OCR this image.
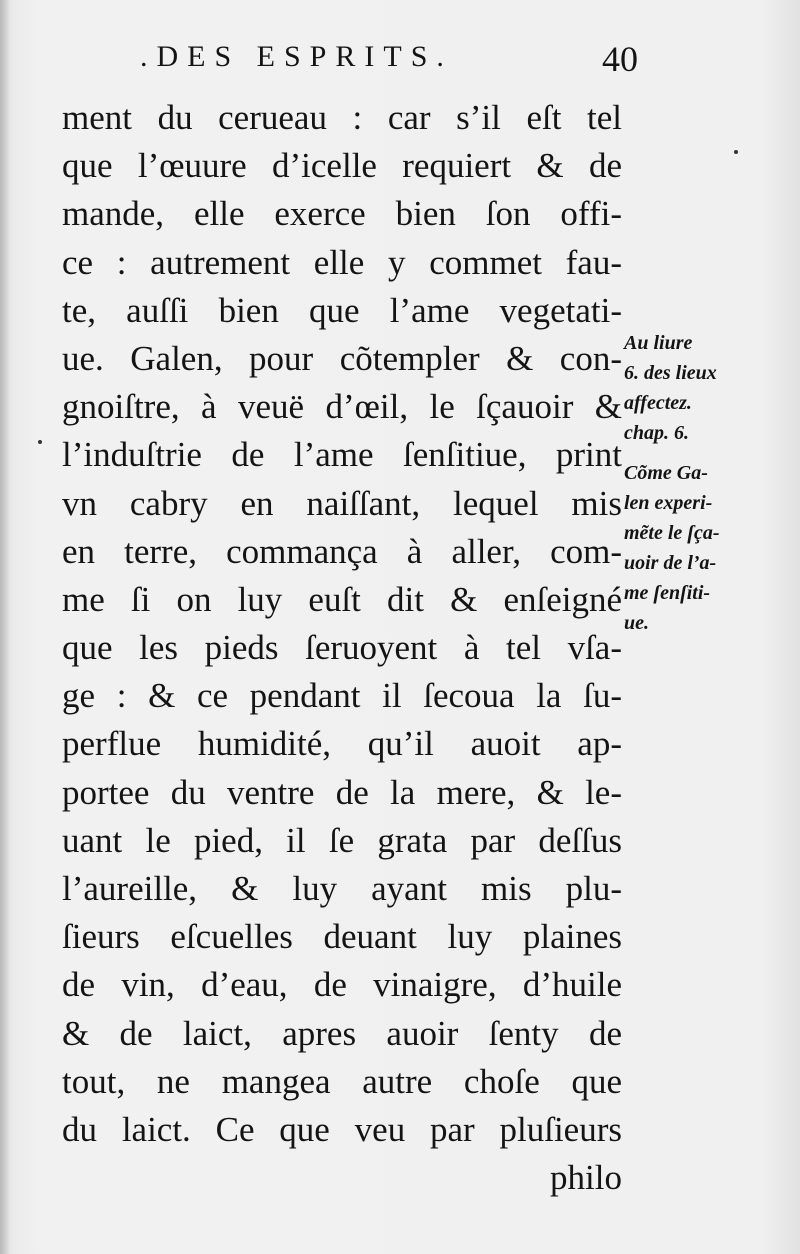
.DES ESPRITS.	40
ment du cerueau : car s’il eſt tel
que l’œuure d’icelle requiert & de
mande, elle exerce bien ſon offi-
ce : autrement elle y commet fau-
te, auſſi bien que l’ame vegetati-
ue. Galen, pour cõtempler & con-
gnoiſtre, à veuë d’œil, le ſçauoir &
l’induſtrie de l’ame ſenſitiue, print
vn cabry en naiſſant, lequel mis
en terre, commança à aller, com-
me ſi on luy euſt dit & enſeigné
que les pieds ſeruoyent à tel vſa-
ge : & ce pendant il ſecoua la ſu-
perflue humidité, qu’il auoit ap-
portee du ventre de la mere, & le-
uant le pied, il ſe grata par deſſus
l’aureille, & luy ayant mis plu-
ſieurs eſcuelles deuant luy plaines
de vin, d’eau, de vinaigre, d’huile
& de laict, apres auoir ſenty de
tout, ne mangea autre choſe que
du laict. Ce que veu par pluſieurs
philo
Au liure
6. des lieux
affectez.
chap. 6.
Cõme Ga-
len experi-
mẽte le ſça-
uoir de l’a-
me ſenſiti-
ue.
